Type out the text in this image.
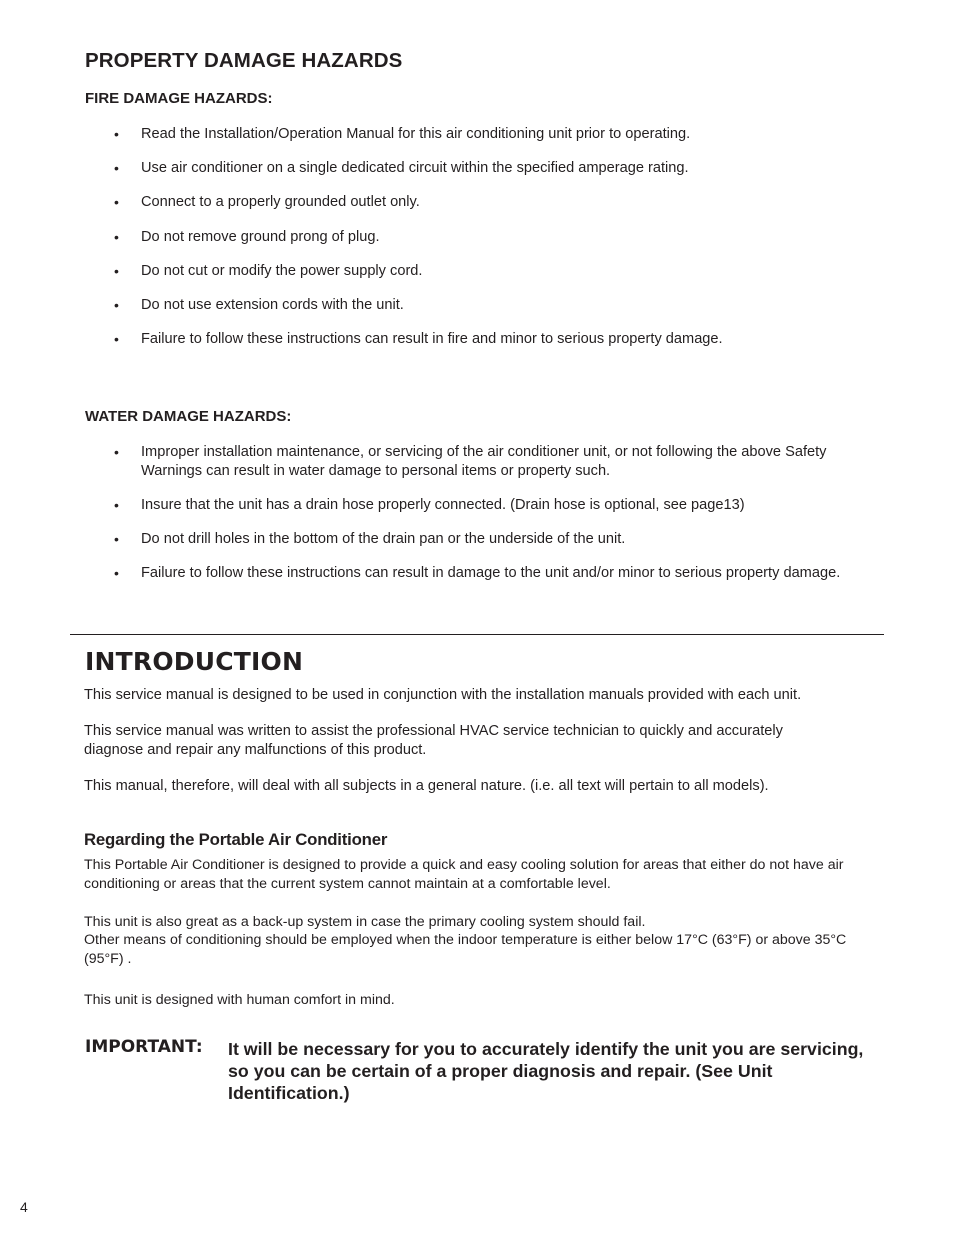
PROPERTY DAMAGE HAZARDS
FIRE DAMAGE HAZARDS:
• Read the Installation/Operation Manual for this air conditioning unit prior to operating.
• Use air conditioner on a single dedicated circuit within the specified amperage rating.
• Connect to a properly grounded outlet only.
• Do not remove ground prong of plug.
• Do not cut or modify the power supply cord.
• Do not use extension cords with the unit.
• Failure to follow these instructions can result in fire and minor to serious property damage.
WATER DAMAGE HAZARDS:
• Improper installation maintenance, or servicing of the air conditioner unit, or not following the above Safety Warnings can result in water damage to personal items or property such.
• Insure that the unit has a drain hose properly connected. (Drain hose is optional, see page13)
• Do not drill holes in the bottom of the drain pan or the underside of the unit.
• Failure to follow these instructions can result in damage to the unit and/or minor to serious property damage.
INTRODUCTION

This service manual is designed to be used in conjunction with the installation manuals provided with each unit.

This service manual was written to assist the professional HVAC service technician to quickly and accurately diagnose and repair any malfunctions of this product.

This manual, therefore, will deal with all subjects in a general nature. (i.e. all text will pertain to all models).

Regarding the Portable Air Conditioner

This Portable Air Conditioner is designed to provide a quick and easy cooling solution for areas that either do not have air conditioning or areas that the current system cannot maintain at a comfortable level.

This unit is also great as a back-up system in case the primary cooling system should fail.

Other means of conditioning should be employed when the indoor temperature is either below 17°C (63°F) or above 35°C (95°F) .

This unit is designed with human comfort in mind.

IMPORTANT: It will be necessary for you to accurately identify the unit you are servicing, so you can be certain of a proper diagnosis and repair. (See Unit Identification.)

4
